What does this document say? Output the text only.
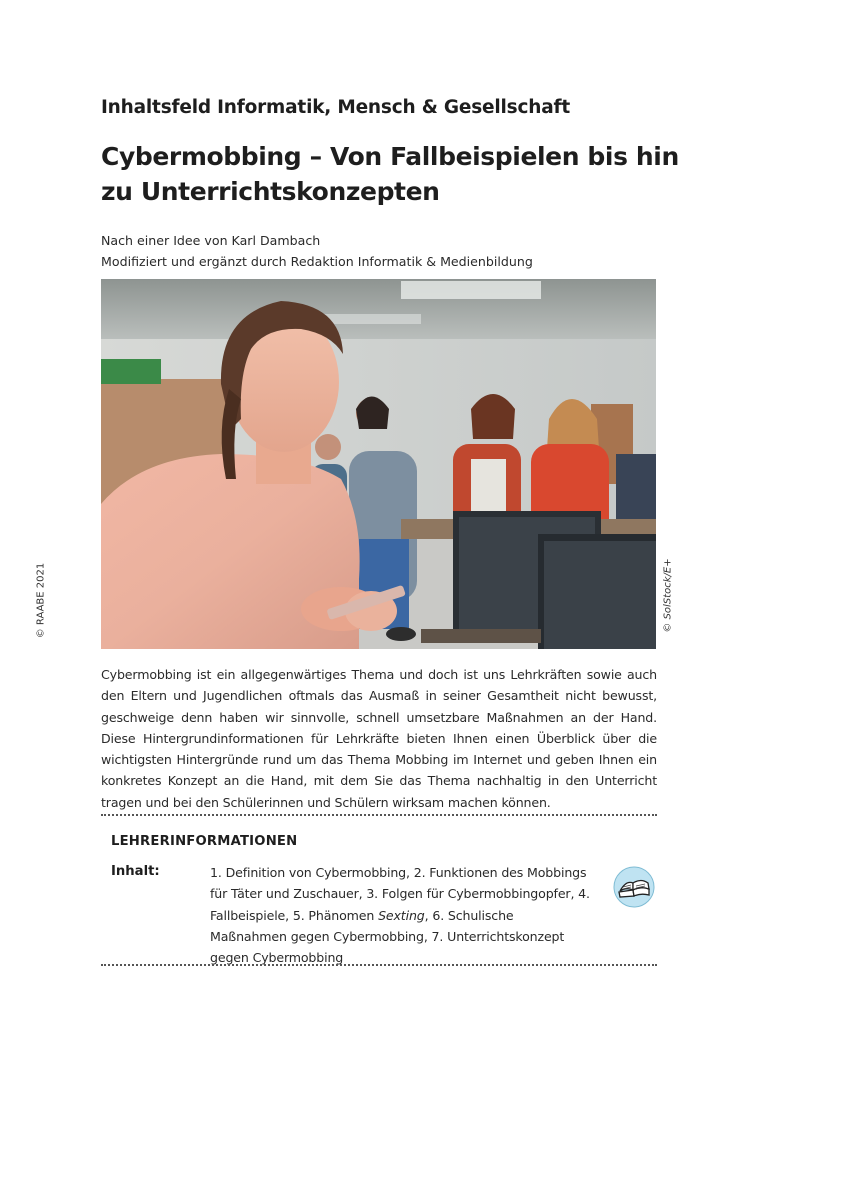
Inhaltsfeld Informatik, Mensch & Gesellschaft
Cybermobbing – Von Fallbeispielen bis hin
zu Unterrichtskonzepten

Nach einer Idee von Karl Dambach

Modifiziert und ergänzt durch Redaktion Informatik & Medienbildung

© RAABE 2021	© SolStock/E+

Cybermobbing ist ein allgegenwärtiges Thema und doch ist uns Lehrkräften sowie auch den Eltern und Jugendlichen oftmals das Ausmaß in seiner Gesamtheit nicht bewusst, geschweige denn haben wir sinnvolle, schnell umsetzbare Maßnahmen an der Hand. Diese Hintergrundinformationen für Lehrkräfte bieten Ihnen einen Überblick über die wichtigsten Hintergründe rund um das Thema Mobbing im Internet und geben Ihnen ein konkretes Konzept an die Hand, mit dem Sie das Thema nachhaltig in den Unterricht tragen und bei den Schülerinnen und Schülern wirksam machen können.

LEHRERINFORMATIONEN

Inhalt:	1. Definition von Cybermobbing, 2. Funktionen des Mobbings für Täter und Zuschauer, 3. Folgen für Cybermobbingopfer, 4. Fallbeispiele, 5. Phänomen Sexting, 6. Schulische Maßnahmen gegen Cybermobbing, 7. Unterrichtskonzept gegen Cybermobbing
